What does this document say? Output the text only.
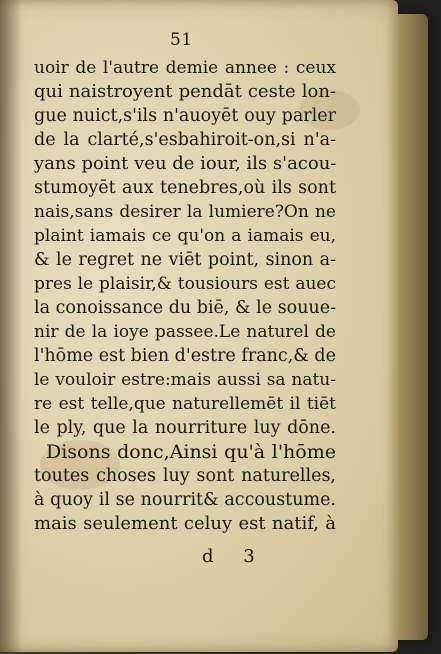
51
uoir de l'autre demie annee : ceux
qui naistroyent pendāt ceste lon-
gue nuict,s'ils n'auoyēt ouy parler
de la clarté,s'esbahiroit-on,si n'a-
yans point veu de iour, ils s'acou-
stumoyēt aux tenebres,où ils sont
nais,sans desirer la lumiere?On ne
plaint iamais ce qu'on a iamais eu,
& le regret ne viēt point, sinon a-
pres le plaisir,& tousiours est auec
la conoissance du biē, & le souue-
nir de la ioye passee.Le naturel de
l'hōme est bien d'estre franc,& de
le vouloir estre:mais aussi sa natu-
re est telle,que naturellemēt il tiēt
le ply, que la nourriture luy dōne.
Disons donc,Ainsi qu'à l'hōme
toutes choses luy sont naturelles,
à quoy il se nourrit& accoustume.
mais seulement celuy est natif, à
d 3
